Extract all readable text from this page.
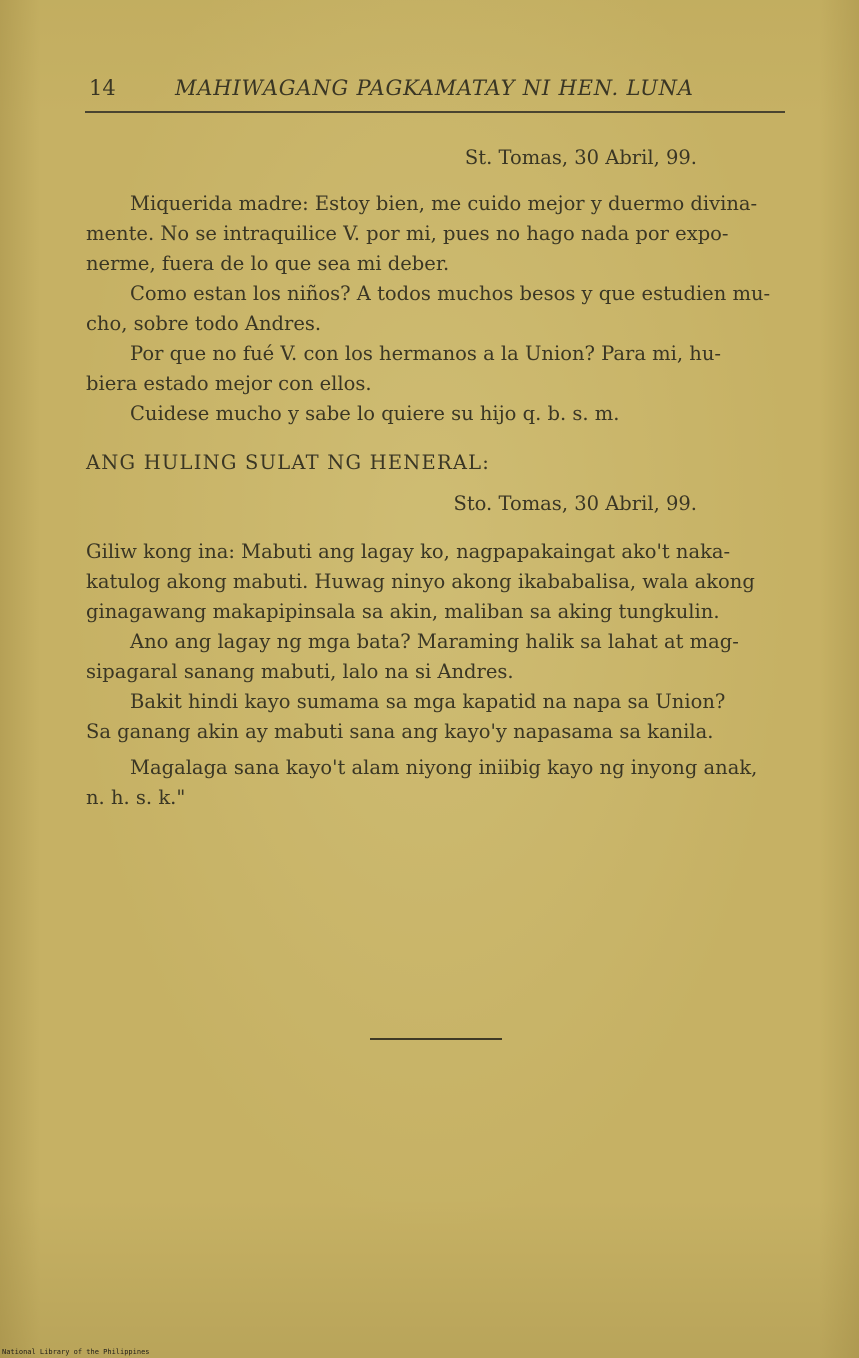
14	MAHIWAGANG PAGKAMATAY NI HEN. LUNA
St. Tomas, 30 Abril, 99.
Miquerida madre: Estoy bien, me cuido mejor y duermo divina-
mente. No se intraquilice V. por mi, pues no hago nada por expo-
nerme, fuera de lo que sea mi deber.
Como estan los niños? A todos muchos besos y que estudien mu-
cho, sobre todo Andres.
Por que no fué V. con los hermanos a la Union? Para mi, hu-
biera estado mejor con ellos.
Cuidese mucho y sabe lo quiere su hijo q. b. s. m.
ANG HULING SULAT NG HENERAL:
Sto. Tomas, 30 Abril, 99.
Giliw kong ina: Mabuti ang lagay ko, nagpapakaingat ako't naka-
katulog akong mabuti. Huwag ninyo akong ikababalisa, wala akong
ginagawang makapipinsala sa akin, maliban sa aking tungkulin.
Ano ang lagay ng mga bata? Maraming halik sa lahat at mag-
sipagaral sanang mabuti, lalo na si Andres.
Bakit hindi kayo sumama sa mga kapatid na napa sa Union?
Sa ganang akin ay mabuti sana ang kayo'y napasama sa kanila.
Magalaga sana kayo't alam niyong iniibig kayo ng inyong anak,
n. h. s. k."
National Library of the Philippines
